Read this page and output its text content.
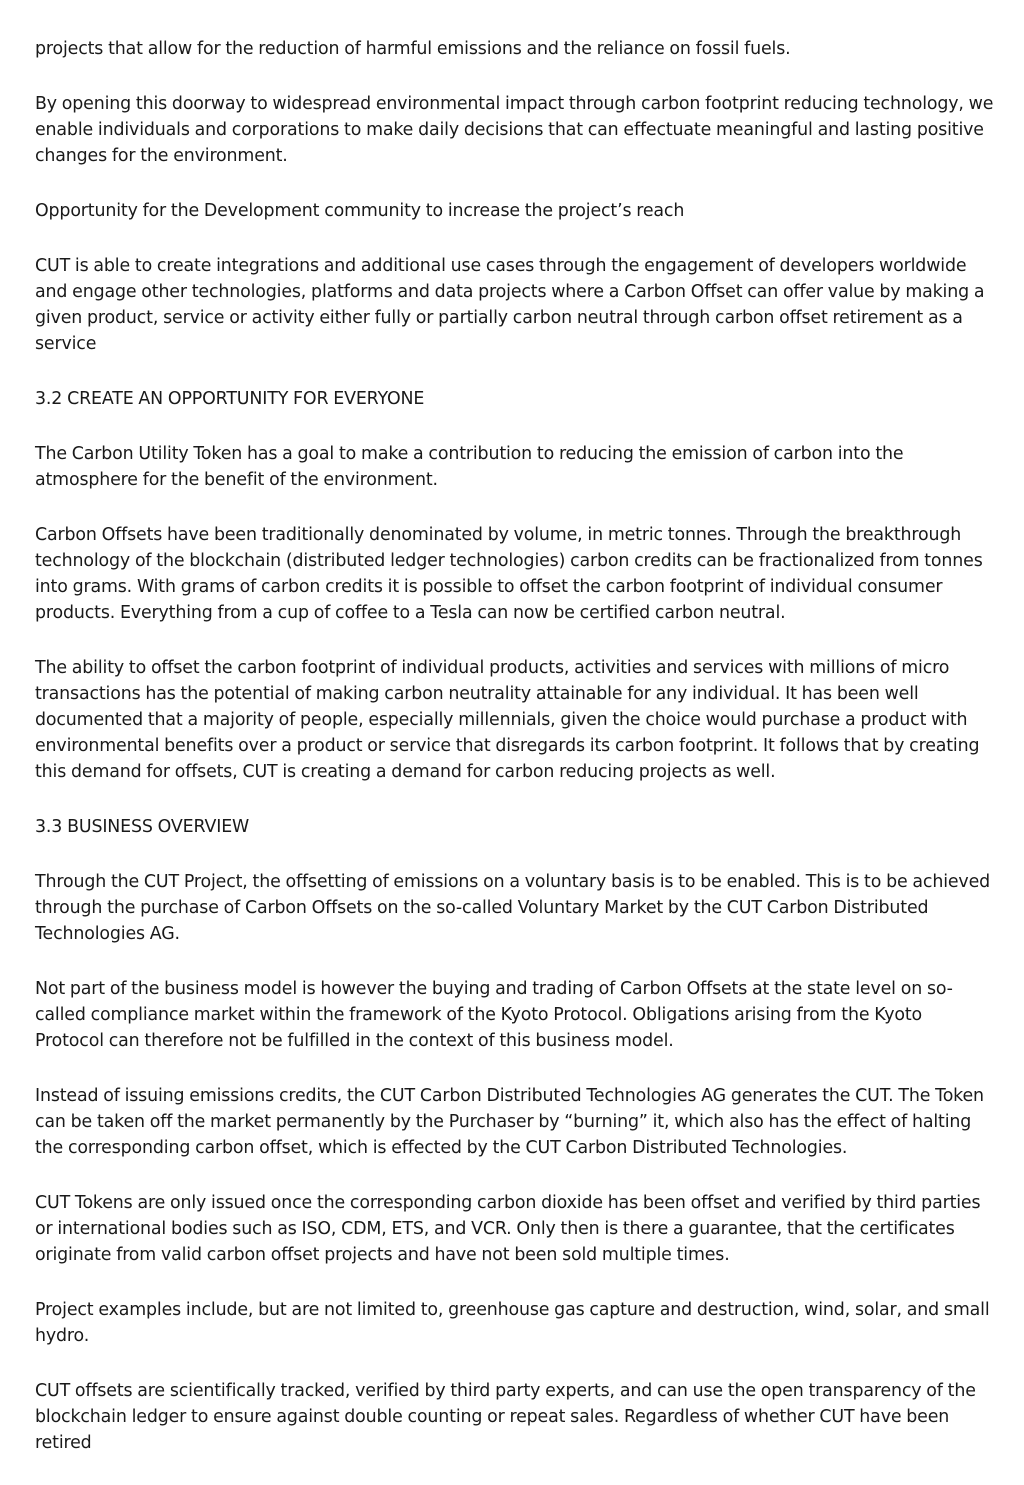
projects that allow for the reduction of harmful emissions and the reliance on fossil fuels.

By opening this doorway to widespread environmental impact through carbon footprint reducing technology, we enable individuals and corporations to make daily decisions that can effectuate meaningful and lasting positive changes for the environment.

Opportunity for the Development community to increase the project’s reach

CUT is able to create integrations and additional use cases through the engagement of developers worldwide and engage other technologies, platforms and data projects where a Carbon Offset can offer value by making a given product, service or activity either fully or partially carbon neutral through carbon offset retirement as a service

3.2 CREATE AN OPPORTUNITY FOR EVERYONE

The Carbon Utility Token has a goal to make a contribution to reducing the emission of carbon into the atmosphere for the benefit of the environment.

Carbon Offsets have been traditionally denominated by volume, in metric tonnes. Through the breakthrough technology of the blockchain (distributed ledger technologies) carbon credits can be fractionalized from tonnes into grams. With grams of carbon credits it is possible to offset the carbon footprint of individual consumer products. Everything from a cup of coffee to a Tesla can now be certified carbon neutral.

The ability to offset the carbon footprint of individual products, activities and services with millions of micro transactions has the potential of making carbon neutrality attainable for any individual. It has been well documented that a majority of people, especially millennials, given the choice would purchase a product with environmental benefits over a product or service that disregards its carbon footprint. It follows that by creating this demand for offsets, CUT is creating a demand for carbon reducing projects as well.

3.3 BUSINESS OVERVIEW

Through the CUT Project, the offsetting of emissions on a voluntary basis is to be enabled. This is to be achieved through the purchase of Carbon Offsets on the so-called Voluntary Market by the CUT Carbon Distributed Technologies AG.

Not part of the business model is however the buying and trading of Carbon Offsets at the state level on so-called compliance market within the framework of the Kyoto Protocol. Obligations arising from the Kyoto Protocol can therefore not be fulfilled in the context of this business model.

Instead of issuing emissions credits, the CUT Carbon Distributed Technologies AG generates the CUT. The Token can be taken off the market permanently by the Purchaser by “burning” it, which also has the effect of halting the corresponding carbon offset, which is effected by the CUT Carbon Distributed Technologies.

CUT Tokens are only issued once the corresponding carbon dioxide has been offset and verified by third parties or international bodies such as ISO, CDM, ETS, and VCR. Only then is there a guarantee, that the certificates originate from valid carbon offset projects and have not been sold multiple times.

Project examples include, but are not limited to, greenhouse gas capture and destruction, wind, solar, and small hydro.

CUT offsets are scientifically tracked, verified by third party experts, and can use the open transparency of the blockchain ledger to ensure against double counting or repeat sales. Regardless of whether CUT have been retired
